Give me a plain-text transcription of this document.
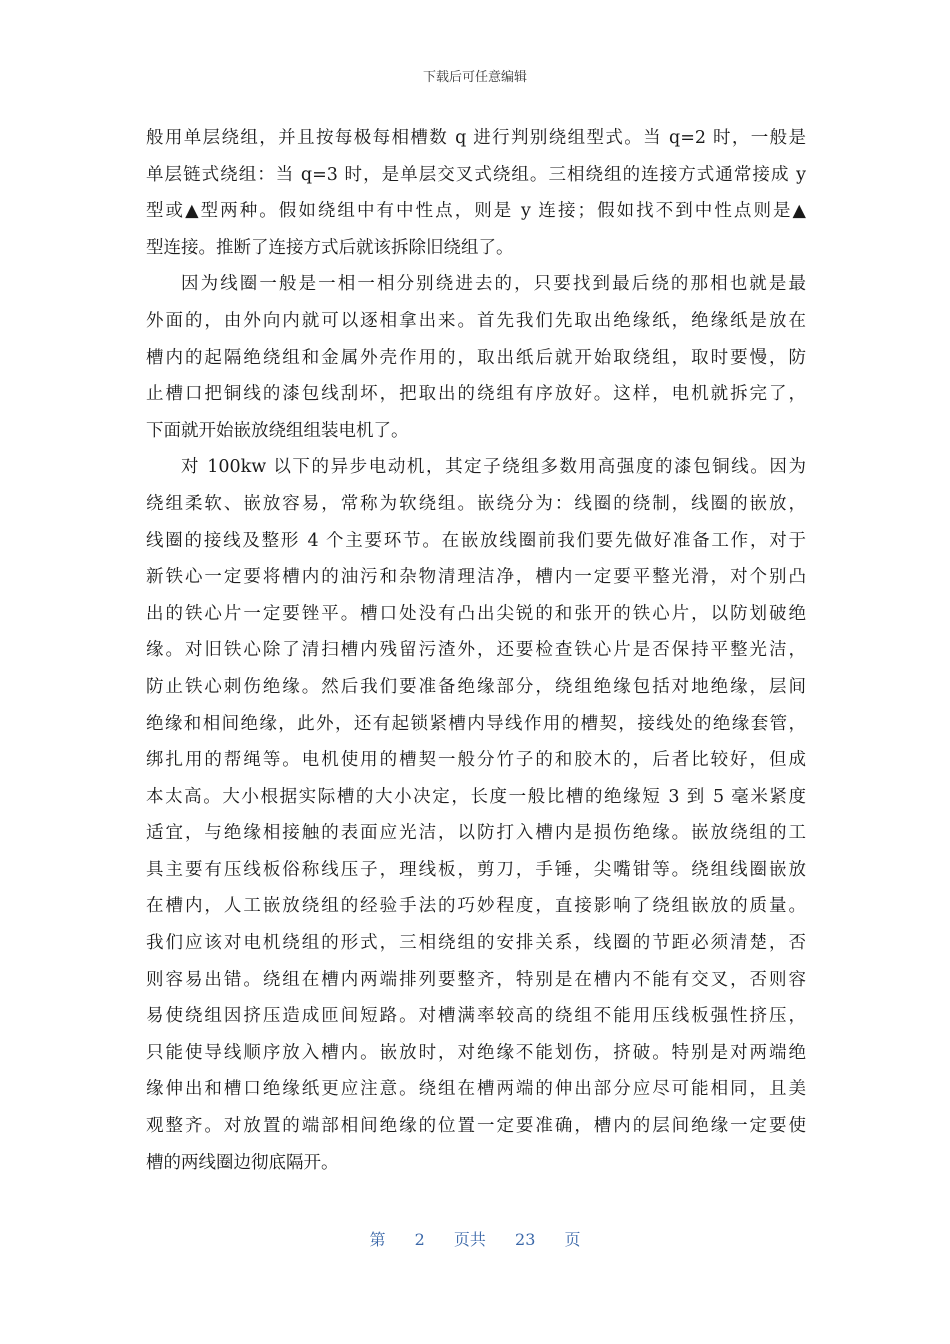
下载后可任意编辑
般用单层绕组，并且按每极每相槽数 q 进行判别绕组型式。当 q=2 时，一般是
单层链式绕组：当 q=3 时，是单层交叉式绕组。三相绕组的连接方式通常接成 y
型或▲型两种。假如绕组中有中性点，则是 y 连接；假如找不到中性点则是▲
型连接。推断了连接方式后就该拆除旧绕组了。
因为线圈一般是一相一相分别绕进去的，只要找到最后绕的那相也就是最
外面的，由外向内就可以逐相拿出来。首先我们先取出绝缘纸，绝缘纸是放在
槽内的起隔绝绕组和金属外壳作用的，取出纸后就开始取绕组，取时要慢，防
止槽口把铜线的漆包线刮坏，把取出的绕组有序放好。这样，电机就拆完了，
下面就开始嵌放绕组组装电机了。
对 100kw 以下的异步电动机，其定子绕组多数用高强度的漆包铜线。因为
绕组柔软、嵌放容易，常称为软绕组。嵌绕分为：线圈的绕制，线圈的嵌放，
线圈的接线及整形 4 个主要环节。在嵌放线圈前我们要先做好准备工作，对于
新铁心一定要将槽内的油污和杂物清理洁净，槽内一定要平整光滑，对个别凸
出的铁心片一定要锉平。槽口处没有凸出尖锐的和张开的铁心片，以防划破绝
缘。对旧铁心除了清扫槽内残留污渣外，还要检查铁心片是否保持平整光洁，
防止铁心刺伤绝缘。然后我们要准备绝缘部分，绕组绝缘包括对地绝缘，层间
绝缘和相间绝缘，此外，还有起锁紧槽内导线作用的槽契，接线处的绝缘套管，
绑扎用的帮绳等。电机使用的槽契一般分竹子的和胶木的，后者比较好，但成
本太高。大小根据实际槽的大小决定，长度一般比槽的绝缘短 3 到 5 毫米紧度
适宜，与绝缘相接触的表面应光洁，以防打入槽内是损伤绝缘。嵌放绕组的工
具主要有压线板俗称线压子，理线板，剪刀，手锤，尖嘴钳等。绕组线圈嵌放
在槽内，人工嵌放绕组的经验手法的巧妙程度，直接影响了绕组嵌放的质量。
我们应该对电机绕组的形式，三相绕组的安排关系，线圈的节距必须清楚，否
则容易出错。绕组在槽内两端排列要整齐，特别是在槽内不能有交叉，否则容
易使绕组因挤压造成匝间短路。对槽满率较高的绕组不能用压线板强性挤压，
只能使导线顺序放入槽内。嵌放时，对绝缘不能划伤，挤破。特别是对两端绝
缘伸出和槽口绝缘纸更应注意。绕组在槽两端的伸出部分应尽可能相同，且美
观整齐。对放置的端部相间绝缘的位置一定要准确，槽内的层间绝缘一定要使
槽的两线圈边彻底隔开。
第 2 页共 23 页
